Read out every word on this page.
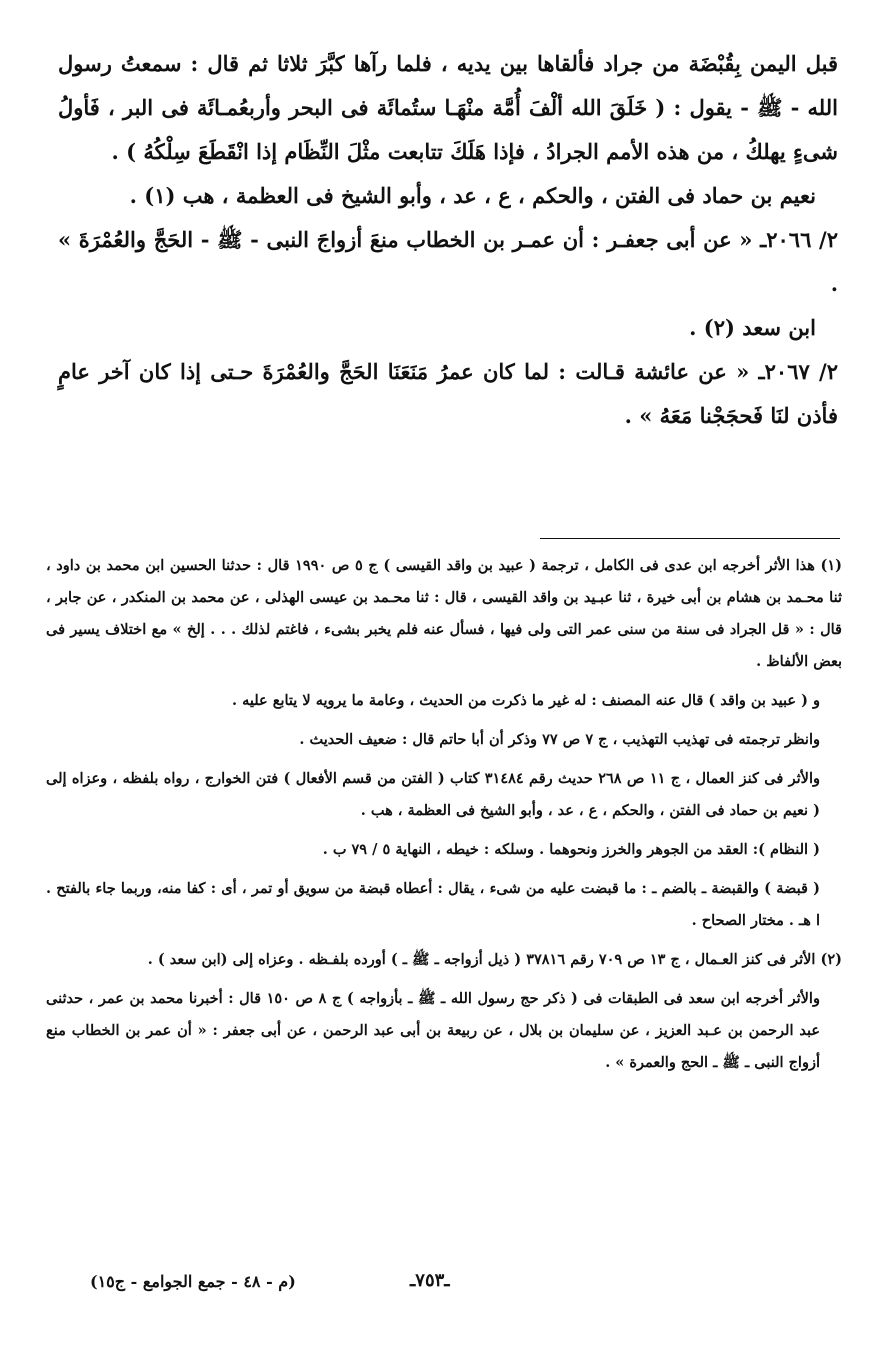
قبل اليمن بِقُبْضَة من جراد فألقاها بين يديه ، فلما رآها كبَّرَ ثلاثا ثم قال : سمعتُ رسول الله - ﷺ - يقول : ( خَلَقَ الله ألْفَ أُمَّة منْهَـا ستُمائَة فى البحر وأربعُمـائَة فى البر ، فَأولُ شىءٍ يهلكُ ، من هذه الأمم الجرادُ ، فإذا هَلَكَ تتابعت مثْلَ النِّظَام إذا انْقَطَعَ سِلْكُهُ ) .

نعيم بن حماد فى الفتن ، والحكم ، ع ، عد ، وأبو الشيخ فى العظمة ، هب (١) .

٢/ ٢٠٦٦ـ « عن أبى جعفـر : أن عمـر بن الخطاب منعَ أزواجَ النبى - ﷺ - الحَجَّ والعُمْرَةَ » .

ابن سعد (٢) .

٢/ ٢٠٦٧ـ « عن عائشة قـالت : لما كان عمرُ مَنَعَنَا الحَجَّ والعُمْرَةَ حـتى إذا كان آخر عامٍ فأذن لنَا فَحجَجْنا مَعَهُ » .

(١) هذا الأثر أخرجه ابن عدى فى الكامل ، ترجمة ( عبيد بن واقد القيسى ) ج ٥ ص ١٩٩٠ قال : حدثنا الحسين ابن محمد بن داود ، ثنا محـمد بن هشام بن أبى خيرة ، ثنا عبـيد بن واقد القيسى ، قال : ثنا محـمد بن عيسى الهذلى ، عن محمد بن المنكدر ، عن جابر ، قال : « قل الجراد فى سنة من سنى عمر التى ولى فيها ، فسأل عنه فلم يخبر بشىء ، فاغتم لذلك . . . إلخ » مع اختلاف يسير فى بعض الألفاظ .

و ( عبيد بن واقد ) قال عنه المصنف : له غير ما ذكرت من الحديث ، وعامة ما يرويه لا يتابع عليه .

وانظر ترجمته فى تهذيب التهذيب ، ج ٧ ص ٧٧ وذكر أن أبا حاتم قال : ضعيف الحديث .

والأثر فى كنز العمال ، ج ١١ ص ٢٦٨ حديث رقم ٣١٤٨٤ كتاب ( الفتن من قسم الأفعال ) فتن الخوارج ، رواه بلفظه ، وعزاه إلى ( نعيم بن حماد فى الفتن ، والحكم ، ع ، عد ، وأبو الشيخ فى العظمة ، هب .

( النظام ): العقد من الجوهر والخرز ونحوهما . وسلكه : خيطه ، النهاية ٥ / ٧٩ ب .

( قبضة ) والقبضة ـ بالضم ـ : ما قبضت عليه من شىء ، يقال : أعطاه قبضة من سويق أو تمر ، أى : كفا منه، وربما جاء بالفتح . ا هـ . مختار الصحاح .

(٢) الأثر فى كنز العـمال ، ج ١٣ ص ٧٠٩ رقم ٣٧٨١٦ ( ذيل أزواجه ـ ﷺ ـ ) أورده بلفـظه . وعزاه إلى (ابن سعد ) .

والأثر أخرجه ابن سعد فى الطبقات فى ( ذكر حج رسول الله ـ ﷺ ـ بأزواجه ) ج ٨ ص ١٥٠ قال : أخبرنا محمد بن عمر ، حدثنى عبد الرحمن بن عـبد العزيز ، عن سليمان بن بلال ، عن ربيعة بن أبى عبد الرحمن ، عن أبى جعفر : « أن عمر بن الخطاب منع أزواج النبى ـ ﷺ ـ الحج والعمرة » .

ـ٧٥٣ـ
(م - ٤٨ - جمع الجوامع - ج١٥)
